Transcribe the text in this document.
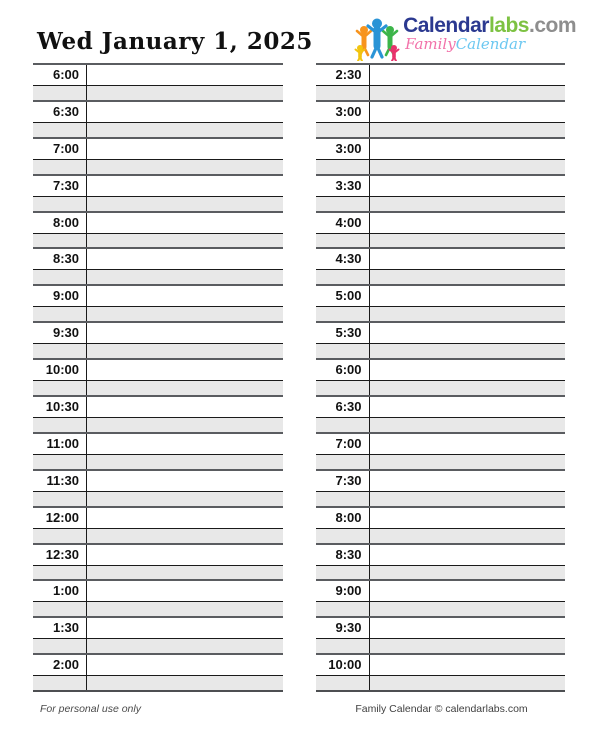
Wed January 1, 2025
Calendarlabs.com
FamilyCalendar
6:00
6:30
7:00
7:30
8:00
8:30
9:00
9:30
10:00
10:30
11:00
11:30
12:00
12:30
1:00
1:30
2:00
2:30
3:00
3:00
3:30
4:00
4:30
5:00
5:30
6:00
6:30
7:00
7:30
8:00
8:30
9:00
9:30
10:00
For personal use only	Family Calendar © calendarlabs.com
